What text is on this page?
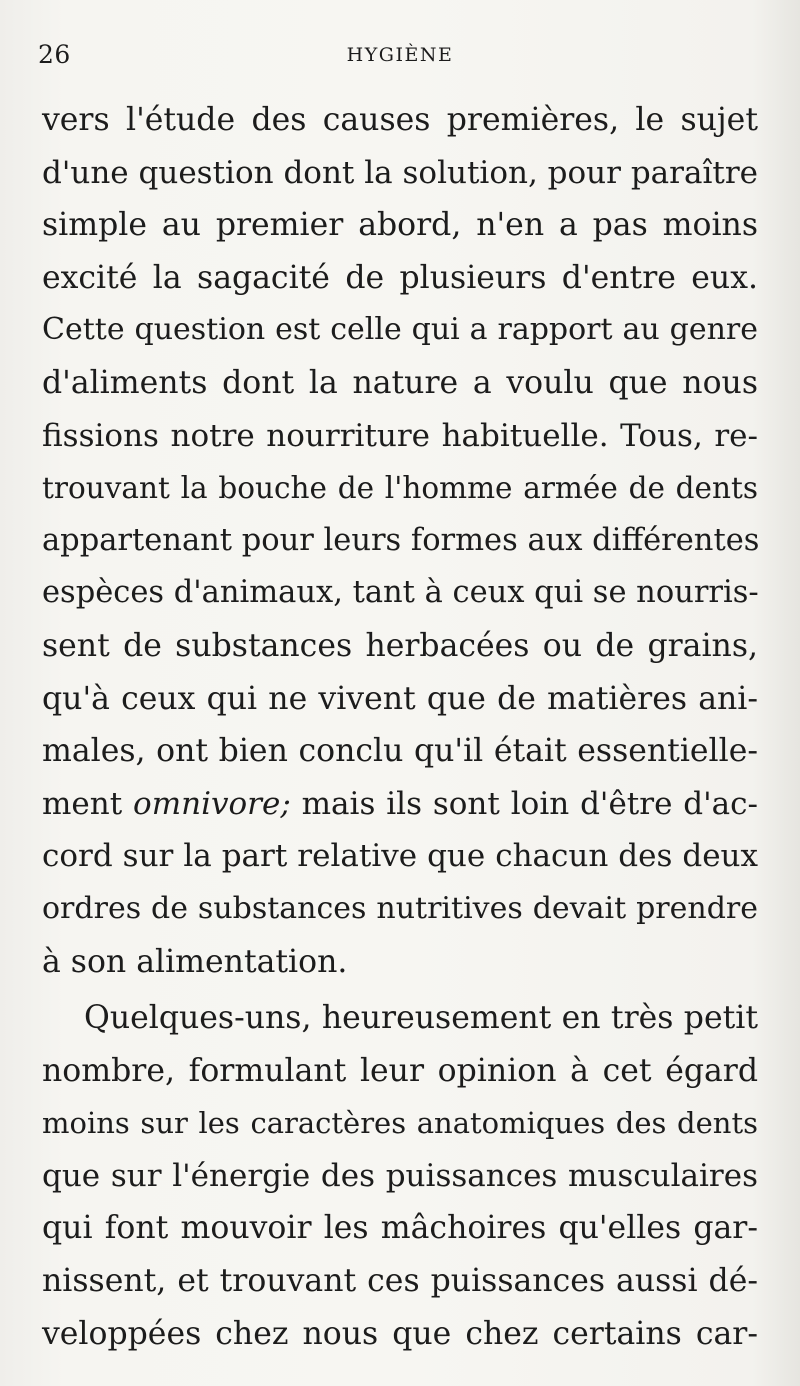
26	HYGIÈNE
vers l'étude des causes premières, le sujet
d'une question dont la solution, pour paraître
simple au premier abord, n'en a pas moins
excité la sagacité de plusieurs d'entre eux.
Cette question est celle qui a rapport au genre
d'aliments dont la nature a voulu que nous
fissions notre nourriture habituelle. Tous, re-
trouvant la bouche de l'homme armée de dents
appartenant pour leurs formes aux différentes
espèces d'animaux, tant à ceux qui se nourris-
sent de substances herbacées ou de grains,
qu'à ceux qui ne vivent que de matières ani-
males, ont bien conclu qu'il était essentielle-
ment omnivore; mais ils sont loin d'être d'ac-
cord sur la part relative que chacun des deux
ordres de substances nutritives devait prendre
à son alimentation.
Quelques-uns, heureusement en très petit
nombre, formulant leur opinion à cet égard
moins sur les caractères anatomiques des dents
que sur l'énergie des puissances musculaires
qui font mouvoir les mâchoires qu'elles gar-
nissent, et trouvant ces puissances aussi dé-
veloppées chez nous que chez certains car-
